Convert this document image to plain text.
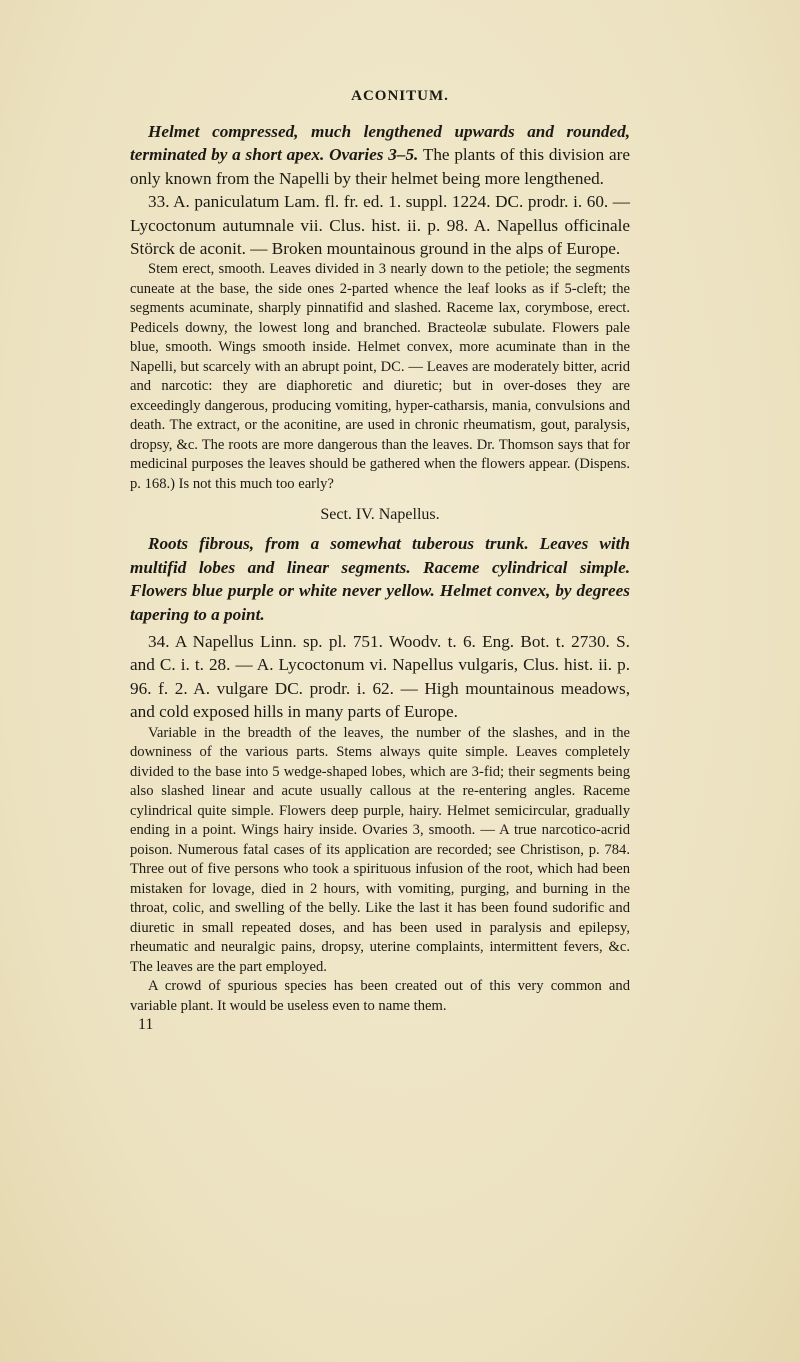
ACONITUM.

Helmet compressed, much lengthened upwards and rounded, terminated by a short apex. Ovaries 3–5. The plants of this division are only known from the Napelli by their helmet being more lengthened.

33. A. paniculatum Lam. fl. fr. ed. 1. suppl. 1224. DC. prodr. i. 60. — Lycoctonum autumnale vii. Clus. hist. ii. p. 98. A. Napellus officinale Störck de aconit. — Broken mountainous ground in the alps of Europe.

Stem erect, smooth. Leaves divided in 3 nearly down to the petiole; the segments cuneate at the base, the side ones 2-parted whence the leaf looks as if 5-cleft; the segments acuminate, sharply pinnatifid and slashed. Raceme lax, corymbose, erect. Pedicels downy, the lowest long and branched. Bracteolæ subulate. Flowers pale blue, smooth. Wings smooth inside. Helmet convex, more acuminate than in the Napelli, but scarcely with an abrupt point, DC. — Leaves are moderately bitter, acrid and narcotic: they are diaphoretic and diuretic; but in over-doses they are exceedingly dangerous, producing vomiting, hyper-catharsis, mania, convulsions and death. The extract, or the aconitine, are used in chronic rheumatism, gout, paralysis, dropsy, &c. The roots are more dangerous than the leaves. Dr. Thomson says that for medicinal purposes the leaves should be gathered when the flowers appear. (Dispens. p. 168.) Is not this much too early?

Sect. IV. Napellus.

Roots fibrous, from a somewhat tuberous trunk. Leaves with multifid lobes and linear segments. Raceme cylindrical simple. Flowers blue purple or white never yellow. Helmet convex, by degrees tapering to a point.

34. A Napellus Linn. sp. pl. 751. Woodv. t. 6. Eng. Bot. t. 2730. S. and C. i. t. 28. — A. Lycoctonum vi. Napellus vulgaris, Clus. hist. ii. p. 96. f. 2. A. vulgare DC. prodr. i. 62. — High mountainous meadows, and cold exposed hills in many parts of Europe.

Variable in the breadth of the leaves, the number of the slashes, and in the downiness of the various parts. Stems always quite simple. Leaves completely divided to the base into 5 wedge-shaped lobes, which are 3-fid; their segments being also slashed linear and acute usually callous at the re-entering angles. Raceme cylindrical quite simple. Flowers deep purple, hairy. Helmet semicircular, gradually ending in a point. Wings hairy inside. Ovaries 3, smooth. — A true narcotico-acrid poison. Numerous fatal cases of its application are recorded; see Christison, p. 784. Three out of five persons who took a spirituous infusion of the root, which had been mistaken for lovage, died in 2 hours, with vomiting, purging, and burning in the throat, colic, and swelling of the belly. Like the last it has been found sudorific and diuretic in small repeated doses, and has been used in paralysis and epilepsy, rheumatic and neuralgic pains, dropsy, uterine complaints, intermittent fevers, &c. The leaves are the part employed.

A crowd of spurious species has been created out of this very common and variable plant. It would be useless even to name them.

11
